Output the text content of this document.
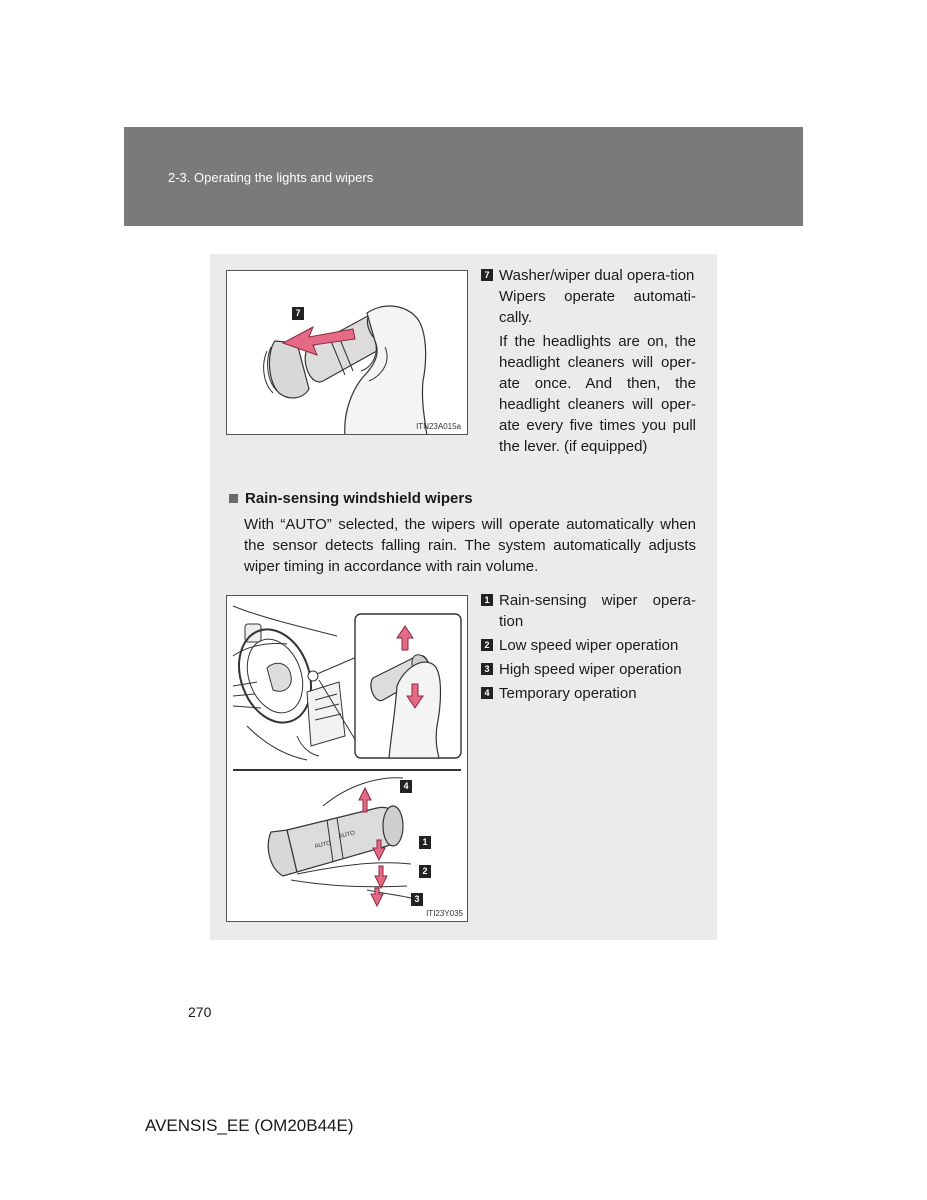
2-3. Operating the lights and wipers
7
ITN23A015a
7 Washer/wiper dual opera-tion

Wipers operate automati-cally.

If the headlights are on, the headlight cleaners will oper-ate once. And then, the headlight cleaners will oper-ate every five times you pull the lever. (if equipped)

Rain-sensing windshield wipers
With “AUTO” selected, the wipers will operate automatically when the sensor detects falling rain. The system automatically adjusts wiper timing in accordance with rain volume.
AUTO
AUTO
4
1
2
3
ITI23Y035
1 Rain-sensing wiper opera-tion
2 Low speed wiper operation
3 High speed wiper operation
4 Temporary operation
270
AVENSIS_EE (OM20B44E)
